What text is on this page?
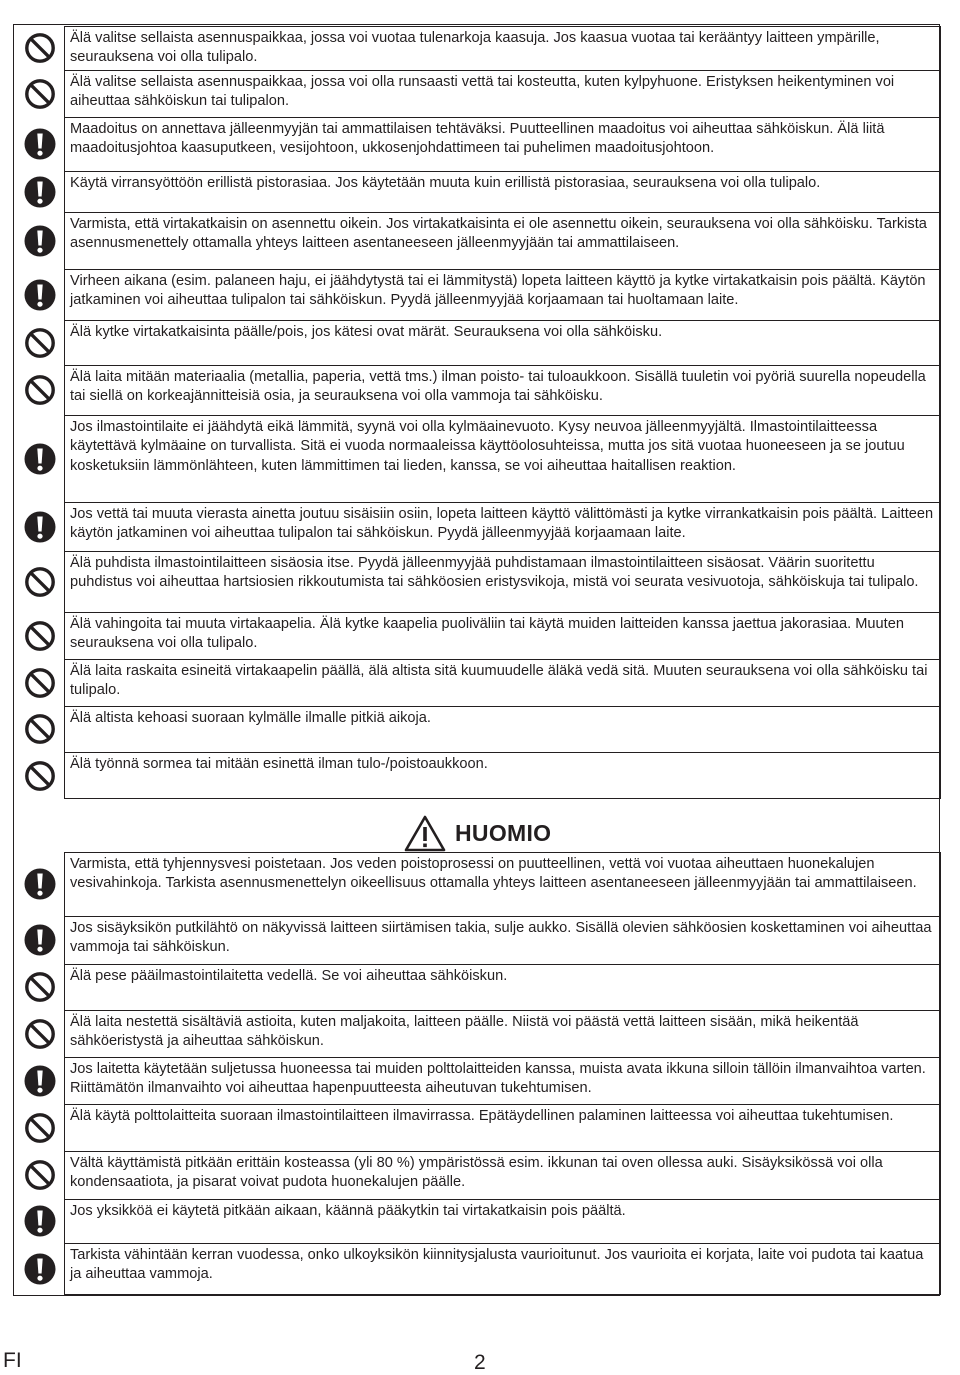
HUOMIO
Älä valitse sellaista asennuspaikkaa, jossa voi vuotaa tulenarkoja kaasuja. Jos kaasua vuotaa tai kerääntyy laitteen ympärille, seurauksena voi olla tulipalo.
Älä valitse sellaista asennuspaikkaa, jossa voi olla runsaasti vettä tai kosteutta, kuten kylpyhuone. Eristyksen heikentyminen voi aiheuttaa sähköiskun tai tulipalon.
Maadoitus on annettava jälleenmyyjän tai ammattilaisen tehtäväksi. Puutteellinen maadoitus voi aiheuttaa sähköiskun. Älä liitä maadoitusjohtoa kaasuputkeen, vesijohtoon, ukkosenjohdattimeen tai puhelimen maadoitusjohtoon.
Käytä virransyöttöön erillistä pistorasiaa. Jos käytetään muuta kuin erillistä pistorasiaa, seurauksena voi olla tulipalo.
Varmista, että virtakatkaisin on asennettu oikein. Jos virtakatkaisinta ei ole asennettu oikein, seurauksena voi olla sähköisku. Tarkista asennusmenettely ottamalla yhteys laitteen asentaneeseen jälleenmyyjään tai ammattilaiseen.
Virheen aikana (esim. palaneen haju, ei jäähdytystä tai ei lämmitystä) lopeta laitteen käyttö ja kytke virtakatkaisin pois päältä. Käytön jatkaminen voi aiheuttaa tulipalon tai sähköiskun. Pyydä jälleenmyyjää korjaamaan tai huoltamaan laite.
Älä kytke virtakatkaisinta päälle/pois, jos kätesi ovat märät. Seurauksena voi olla sähköisku.
Älä laita mitään materiaalia (metallia, paperia, vettä tms.) ilman poisto- tai tuloaukkoon. Sisällä tuuletin voi pyöriä suurella nopeudella tai siellä on korkeajännitteisiä osia, ja seurauksena voi olla vammoja tai sähköisku.
Jos ilmastointilaite ei jäähdytä eikä lämmitä, syynä voi olla kylmäainevuoto. Kysy neuvoa jälleenmyyjältä. Ilmastointilaitteessa käytettävä kylmäaine on turvallista. Sitä ei vuoda normaaleissa käyttöolosuhteissa, mutta jos sitä vuotaa huoneeseen ja se joutuu kosketuksiin lämmönlähteen, kuten lämmittimen tai lieden, kanssa, se voi aiheuttaa haitallisen reaktion.
Jos vettä tai muuta vierasta ainetta joutuu sisäisiin osiin, lopeta laitteen käyttö välittömästi ja kytke virrankatkaisin pois päältä. Laitteen käytön jatkaminen voi aiheuttaa tulipalon tai sähköiskun. Pyydä jälleenmyyjää korjaamaan laite.
Älä puhdista ilmastointilaitteen sisäosia itse. Pyydä jälleenmyyjää puhdistamaan ilmastointilaitteen sisäosat. Väärin suoritettu puhdistus voi aiheuttaa hartsiosien rikkoutumista tai sähköosien eristysvikoja, mistä voi seurata vesivuotoja, sähköiskuja tai tulipalo.
Älä vahingoita tai muuta virtakaapelia. Älä kytke kaapelia puoliväliin tai käytä muiden laitteiden kanssa jaettua jakorasiaa. Muuten seurauksena voi olla tulipalo.
Älä laita raskaita esineitä virtakaapelin päällä, älä altista sitä kuumuudelle äläkä vedä sitä. Muuten seurauksena voi olla sähköisku tai tulipalo.
Älä altista kehoasi suoraan kylmälle ilmalle pitkiä aikoja.
Älä työnnä sormea tai mitään esinettä ilman tulo-/poistoaukkoon.
Varmista, että tyhjennysvesi poistetaan. Jos veden poistoprosessi on puutteellinen, vettä voi vuotaa aiheuttaen huonekalujen vesivahinkoja. Tarkista asennusmenettelyn oikeellisuus ottamalla yhteys laitteen asentaneeseen jälleenmyyjään tai ammattilaiseen.
Jos sisäyksikön putkilähtö on näkyvissä laitteen siirtämisen takia, sulje aukko. Sisällä olevien sähköosien koskettaminen voi aiheuttaa vammoja tai sähköiskun.
Älä pese pääilmastointilaitetta vedellä. Se voi aiheuttaa sähköiskun.
Älä laita nestettä sisältäviä astioita, kuten maljakoita, laitteen päälle. Niistä voi päästä vettä laitteen sisään, mikä heikentää sähköeristystä ja aiheuttaa sähköiskun.
Jos laitetta käytetään suljetussa huoneessa tai muiden polttolaitteiden kanssa, muista avata ikkuna silloin tällöin ilmanvaihtoa varten. Riittämätön ilmanvaihto voi aiheuttaa hapenpuutteesta aiheutuvan tukehtumisen.
Älä käytä polttolaitteita suoraan ilmastointilaitteen ilmavirrassa. Epätäydellinen palaminen laitteessa voi aiheuttaa tukehtumisen.
Vältä käyttämistä pitkään erittäin kosteassa (yli 80 %) ympäristössä esim. ikkunan tai oven ollessa auki. Sisäyksikössä voi olla kondensaatiota, ja pisarat voivat pudota huonekalujen päälle.
Jos yksikköä ei käytetä pitkään aikaan, käännä pääkytkin tai virtakatkaisin pois päältä.
Tarkista vähintään kerran vuodessa, onko ulkoyksikön kiinnitysjalusta vaurioitunut. Jos vaurioita ei korjata, laite voi pudota tai kaatua ja aiheuttaa vammoja.
FI	2
